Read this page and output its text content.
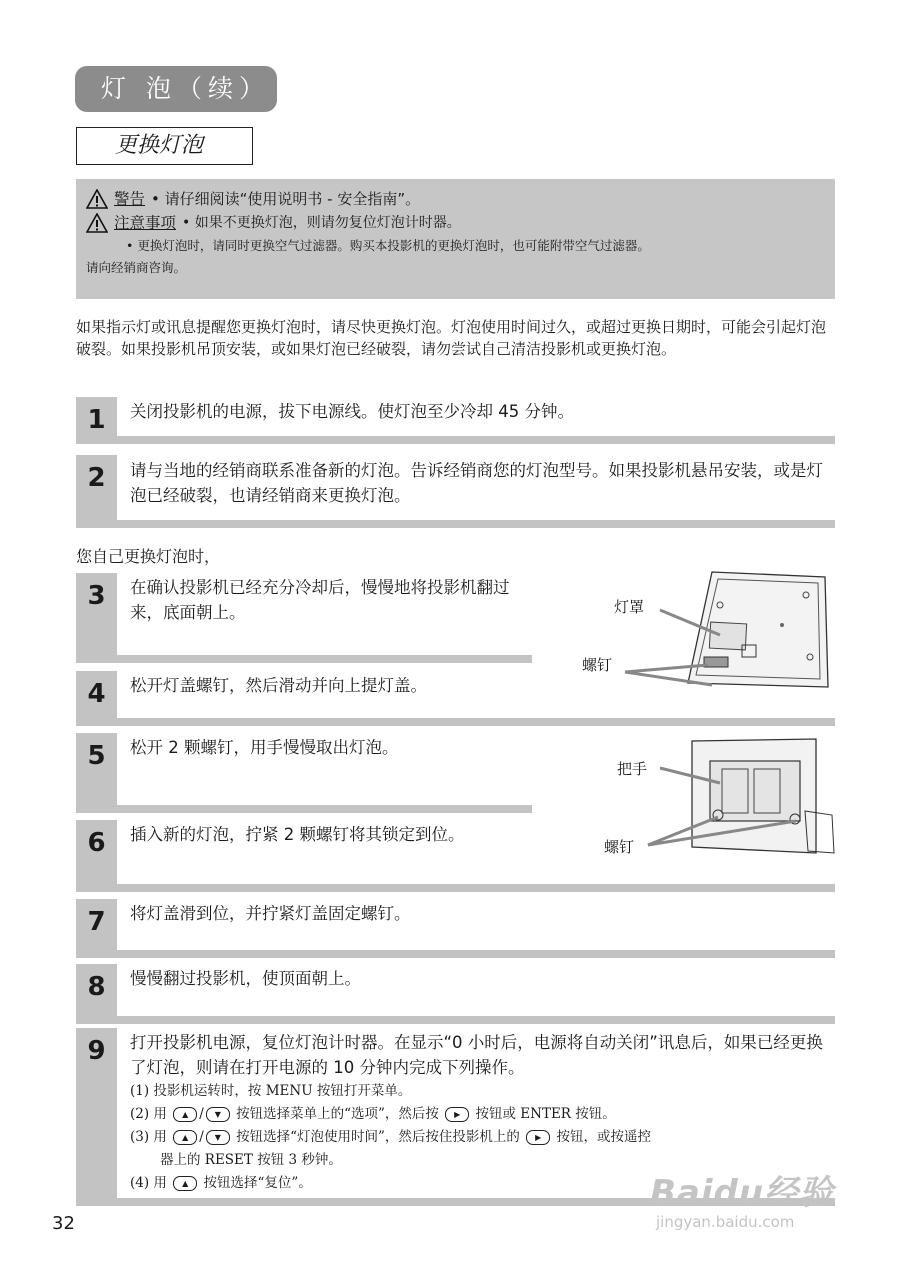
灯 泡（续）
更换灯泡
警告 • 请仔细阅读“使用说明书 - 安全指南”。
注意事项 • 如果不更换灯泡，则请勿复位灯泡计时器。
• 更换灯泡时，请同时更换空气过滤器。购买本投影机的更换灯泡时，也可能附带空气过滤器。
请向经销商咨询。
如果指示灯或讯息提醒您更换灯泡时，请尽快更换灯泡。灯泡使用时间过久，或超过更换日期时，可能会引起灯泡破裂。如果投影机吊顶安装，或如果灯泡已经破裂，请勿尝试自己清洁投影机或更换灯泡。
1	关闭投影机的电源，拔下电源线。使灯泡至少冷却 45 分钟。
2	请与当地的经销商联系准备新的灯泡。告诉经销商您的灯泡型号。如果投影机悬吊安装，或是灯泡已经破裂，也请经销商来更换灯泡。
您自己更换灯泡时，
3	在确认投影机已经充分冷却后，慢慢地将投影机翻过来，底面朝上。
4	松开灯盖螺钉，然后滑动并向上提灯盖。
5	松开 2 颗螺钉，用手慢慢取出灯泡。
6	插入新的灯泡，拧紧 2 颗螺钉将其锁定到位。
7	将灯盖滑到位，并拧紧灯盖固定螺钉。
8	慢慢翻过投影机，使顶面朝上。
9	打开投影机电源，复位灯泡计时器。在显示“0 小时后，电源将自动关闭”讯息后，如果已经更换了灯泡，则请在打开电源的 10 分钟内完成下列操作。
(1) 投影机运转时，按 MENU 按钮打开菜单。
(2) 用 ▲ / ▼ 按钮选择菜单上的“选项”，然后按 ▶ 按钮或 ENTER 按钮。
(3) 用 ▲ / ▼ 按钮选择“灯泡使用时间”，然后按住投影机上的 ▶ 按钮，或按遥控
器上的 RESET 按钮 3 秒钟。
(4) 用 ▲ 按钮选择“复位”。
灯罩
螺钉
把手
螺钉
32
Baidu经验
jingyan.baidu.com
